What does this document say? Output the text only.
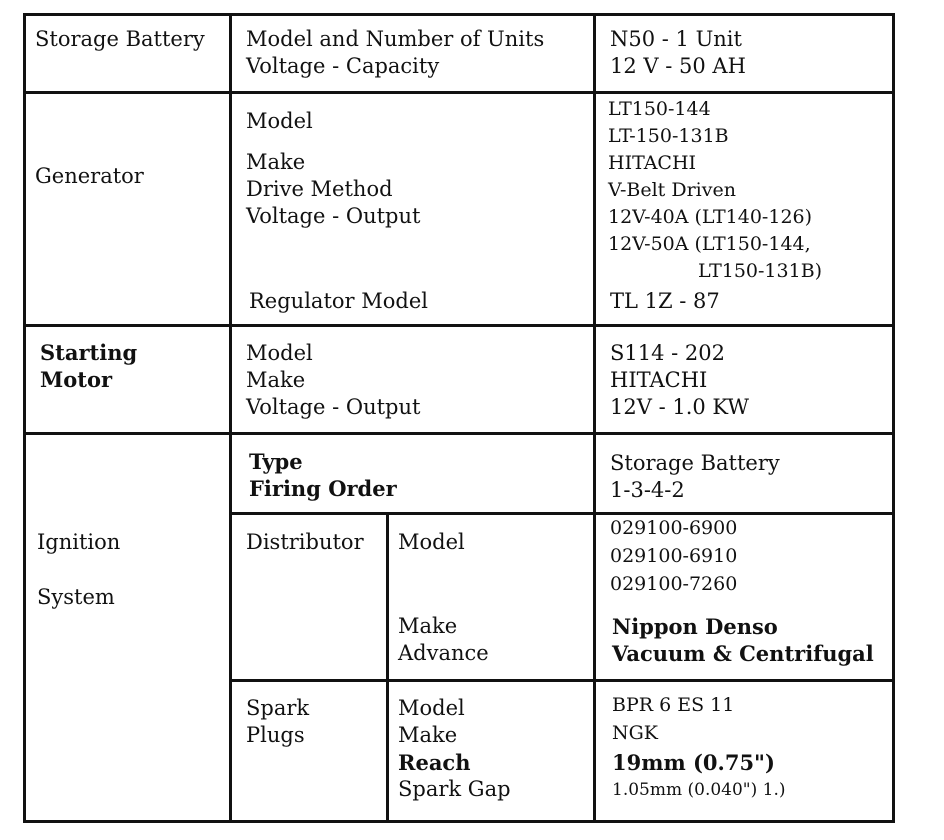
Storage Battery Model and Number of Units
Voltage - Capacity
N50 - 1 Unit
12 V - 50 AH
Generator
Model
Make
Drive Method
Voltage - Output
Regulator Model
LT150-144
LT-150-131B
HITACHI
V-Belt Driven
12V-40A (LT140-126)
12V-50A (LT150-144,
LT150-131B)
TL 1Z - 87
Starting
Motor
Model
Make
Voltage - Output
S114 - 202
HITACHI
12V - 1.0 KW
Ignition
System
Type
Firing Order
Storage Battery
1-3-4-2
Distributor Model
Make
Advance
029100-6900
029100-6910
029100-7260
Nippon Denso
Vacuum & Centrifugal
Spark
Plugs
Model
Make
Reach
Spark Gap
BPR 6 ES 11
NGK
19mm (0.75")
1.05mm (0.040") 1.)
